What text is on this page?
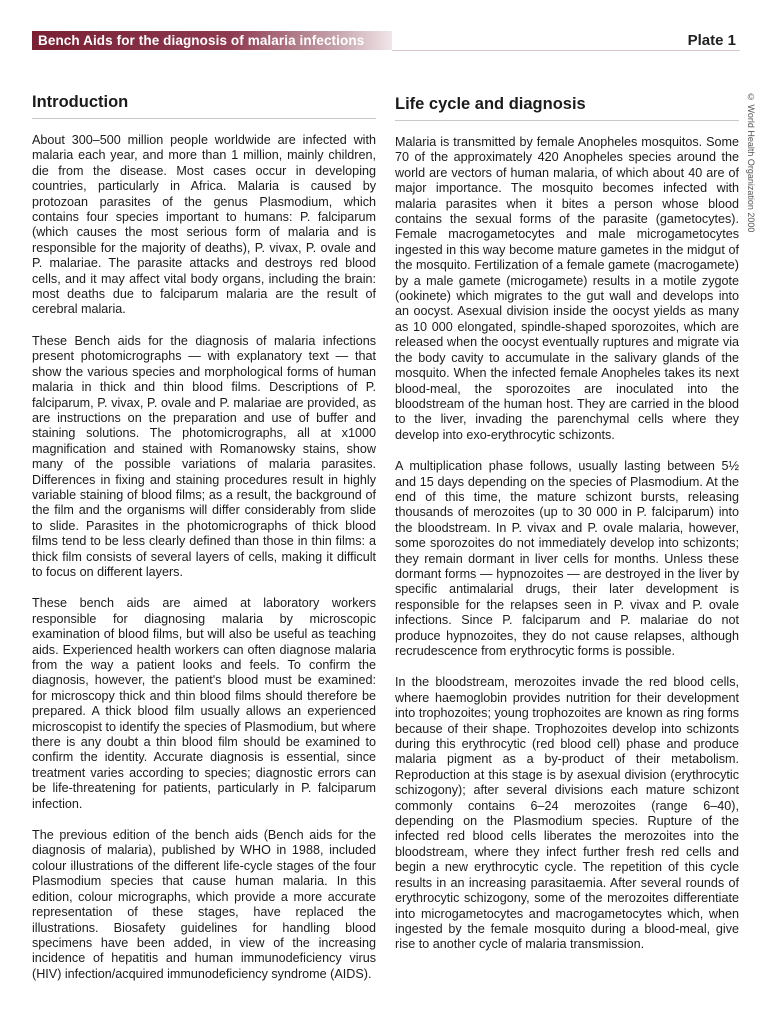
Bench Aids for the diagnosis of malaria infections	Plate 1
© World Health Organization 2000
Introduction

About 300–500 million people worldwide are infected with malaria each year, and more than 1 million, mainly children, die from the disease. Most cases occur in developing countries, particularly in Africa. Malaria is caused by protozoan parasites of the genus Plasmodium, which contains four species important to humans: P. falciparum (which causes the most serious form of malaria and is responsible for the majority of deaths), P. vivax, P. ovale and P. malariae. The parasite attacks and destroys red blood cells, and it may affect vital body organs, including the brain: most deaths due to falciparum malaria are the result of cerebral malaria.

These Bench aids for the diagnosis of malaria infections present photomicrographs — with explanatory text — that show the various species and morphological forms of human malaria in thick and thin blood films. Descriptions of P. falciparum, P. vivax, P. ovale and P. malariae are provided, as are instructions on the preparation and use of buffer and staining solutions. The photomicrographs, all at x1000 magnification and stained with Romanowsky stains, show many of the possible variations of malaria parasites. Differences in fixing and staining procedures result in highly variable staining of blood films; as a result, the background of the film and the organisms will differ considerably from slide to slide. Parasites in the photomicrographs of thick blood films tend to be less clearly defined than those in thin films: a thick film consists of several layers of cells, making it difficult to focus on different layers.

These bench aids are aimed at laboratory workers responsible for diagnosing malaria by microscopic examination of blood films, but will also be useful as teaching aids. Experienced health workers can often diagnose malaria from the way a patient looks and feels. To confirm the diagnosis, however, the patient's blood must be examined: for microscopy thick and thin blood films should therefore be prepared. A thick blood film usually allows an experienced microscopist to identify the species of Plasmodium, but where there is any doubt a thin blood film should be examined to confirm the identity. Accurate diagnosis is essential, since treatment varies according to species; diagnostic errors can be life-threatening for patients, particularly in P. falciparum infection.

The previous edition of the bench aids (Bench aids for the diagnosis of malaria), published by WHO in 1988, included colour illustrations of the different life-cycle stages of the four Plasmodium species that cause human malaria. In this edition, colour micrographs, which provide a more accurate representation of these stages, have replaced the illustrations. Biosafety guidelines for handling blood specimens have been added, in view of the increasing incidence of hepatitis and human immunodeficiency virus (HIV) infection/acquired immunodeficiency syndrome (AIDS).

Life cycle and diagnosis

Malaria is transmitted by female Anopheles mosquitos. Some 70 of the approximately 420 Anopheles species around the world are vectors of human malaria, of which about 40 are of major importance. The mosquito becomes infected with malaria parasites when it bites a person whose blood contains the sexual forms of the parasite (gametocytes). Female macrogametocytes and male microgametocytes ingested in this way become mature gametes in the midgut of the mosquito. Fertilization of a female gamete (macrogamete) by a male gamete (microgamete) results in a motile zygote (ookinete) which migrates to the gut wall and develops into an oocyst. Asexual division inside the oocyst yields as many as 10 000 elongated, spindle-shaped sporozoites, which are released when the oocyst eventually ruptures and migrate via the body cavity to accumulate in the salivary glands of the mosquito. When the infected female Anopheles takes its next blood-meal, the sporozoites are inoculated into the bloodstream of the human host. They are carried in the blood to the liver, invading the parenchymal cells where they develop into exo-erythrocytic schizonts.

A multiplication phase follows, usually lasting between 5½ and 15 days depending on the species of Plasmodium. At the end of this time, the mature schizont bursts, releasing thousands of merozoites (up to 30 000 in P. falciparum) into the bloodstream. In P. vivax and P. ovale malaria, however, some sporozoites do not immediately develop into schizonts; they remain dormant in liver cells for months. Unless these dormant forms — hypnozoites — are destroyed in the liver by specific antimalarial drugs, their later development is responsible for the relapses seen in P. vivax and P. ovale infections. Since P. falciparum and P. malariae do not produce hypnozoites, they do not cause relapses, although recrudescence from erythrocytic forms is possible.

In the bloodstream, merozoites invade the red blood cells, where haemoglobin provides nutrition for their development into trophozoites; young trophozoites are known as ring forms because of their shape. Trophozoites develop into schizonts during this erythrocytic (red blood cell) phase and produce malaria pigment as a by-product of their metabolism. Reproduction at this stage is by asexual division (erythrocytic schizogony); after several divisions each mature schizont commonly contains 6–24 merozoites (range 6–40), depending on the Plasmodium species. Rupture of the infected red blood cells liberates the merozoites into the bloodstream, where they infect further fresh red cells and begin a new erythrocytic cycle. The repetition of this cycle results in an increasing parasitaemia. After several rounds of erythrocytic schizogony, some of the merozoites differentiate into microgametocytes and macrogametocytes which, when ingested by the female mosquito during a blood-meal, give rise to another cycle of malaria transmission.
